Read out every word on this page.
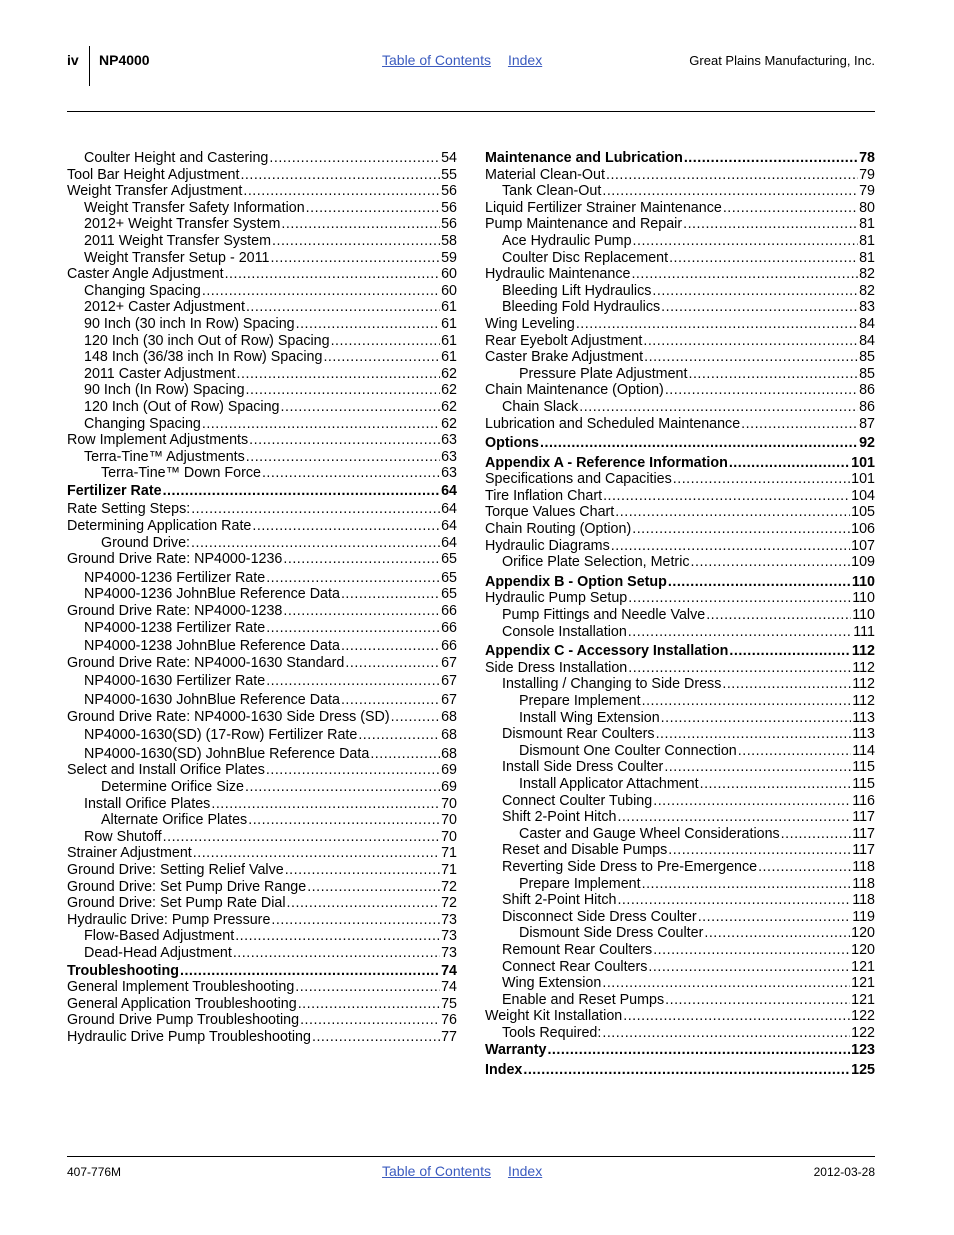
iv NP4000	Table of Contents Index	Great Plains Manufacturing, Inc.
Coulter Height and Castering .....	54
Tool Bar Height Adjustment .....	55
Weight Transfer Adjustment .....	56
Weight Transfer Safety Information .....	56
2012+ Weight Transfer System .....	56
2011 Weight Transfer System .....	58
Weight Transfer Setup - 2011 .....	59
Caster Angle Adjustment .....	60
Changing Spacing .....	60
2012+ Caster Adjustment .....	61
90 Inch (30 inch In Row) Spacing .....	61
120 Inch (30 inch Out of Row) Spacing .....	61
148 Inch (36/38 inch In Row) Spacing .....	61
2011 Caster Adjustment .....	62
90 Inch (In Row) Spacing .....	62
120 Inch (Out of Row) Spacing .....	62
Changing Spacing .....	62
Row Implement Adjustments .....	63
Terra-Tine™ Adjustments .....	63
Terra-Tine™ Down Force .....	63
Fertilizer Rate .....	64
Rate Setting Steps: .....	64
Determining Application Rate .....	64
Ground Drive: .....	64
Ground Drive Rate: NP4000-1236 .....	65
NP4000-1236 Fertilizer Rate .....	65
NP4000-1236 JohnBlue Reference Data .....	65
Ground Drive Rate: NP4000-1238 .....	66
NP4000-1238 Fertilizer Rate .....	66
NP4000-1238 JohnBlue Reference Data .....	66
Ground Drive Rate: NP4000-1630 Standard .....	67
NP4000-1630 Fertilizer Rate .....	67
NP4000-1630 JohnBlue Reference Data .....	67
Ground Drive Rate: NP4000-1630 Side Dress (SD) .....	68
NP4000-1630(SD) (17-Row) Fertilizer Rate .....	68
NP4000-1630(SD) JohnBlue Reference Data .....	68
Select and Install Orifice Plates .....	69
Determine Orifice Size .....	69
Install Orifice Plates .....	70
Alternate Orifice Plates .....	70
Row Shutoff .....	70
Strainer Adjustment .....	71
Ground Drive: Setting Relief Valve .....	71
Ground Drive: Set Pump Drive Range .....	72
Ground Drive: Set Pump Rate Dial .....	72
Hydraulic Drive: Pump Pressure .....	73
Flow-Based Adjustment .....	73
Dead-Head Adjustment .....	73
Troubleshooting .....	74
General Implement Troubleshooting .....	74
General Application Troubleshooting .....	75
Ground Drive Pump Troubleshooting .....	76
Hydraulic Drive Pump Troubleshooting .....	77
Maintenance and Lubrication .....	78
Material Clean-Out .....	79
Tank Clean-Out .....	79
Liquid Fertilizer Strainer Maintenance .....	80
Pump Maintenance and Repair .....	81
Ace Hydraulic Pump .....	81
Coulter Disc Replacement .....	81
Hydraulic Maintenance .....	82
Bleeding Lift Hydraulics .....	82
Bleeding Fold Hydraulics .....	83
Wing Leveling .....	84
Rear Eyebolt Adjustment .....	84
Caster Brake Adjustment .....	85
Pressure Plate Adjustment .....	85
Chain Maintenance (Option) .....	86
Chain Slack .....	86
Lubrication and Scheduled Maintenance .....	87
Options .....	92
Appendix A - Reference Information .....	101
Specifications and Capacities .....	101
Tire Inflation Chart .....	104
Torque Values Chart .....	105
Chain Routing (Option) .....	106
Hydraulic Diagrams .....	107
Orifice Plate Selection, Metric .....	109
Appendix B - Option Setup .....	110
Hydraulic Pump Setup .....	110
Pump Fittings and Needle Valve .....	110
Console Installation .....	111
Appendix C - Accessory Installation .....	112
Side Dress Installation .....	112
Installing / Changing to Side Dress .....	112
Prepare Implement .....	112
Install Wing Extension .....	113
Dismount Rear Coulters .....	113
Dismount One Coulter Connection .....	114
Install Side Dress Coulter .....	115
Install Applicator Attachment .....	115
Connect Coulter Tubing .....	116
Shift 2-Point Hitch .....	117
Caster and Gauge Wheel Considerations .....	117
Reset and Disable Pumps .....	117
Reverting Side Dress to Pre-Emergence .....	118
Prepare Implement .....	118
Shift 2-Point Hitch .....	118
Disconnect Side Dress Coulter .....	119
Dismount Side Dress Coulter .....	120
Remount Rear Coulters .....	120
Connect Rear Coulters .....	121
Wing Extension .....	121
Enable and Reset Pumps .....	121
Weight Kit Installation .....	122
Tools Required: .....	122
Warranty .....	123
Index .....	125
407-776M	Table of Contents Index	2012-03-28
